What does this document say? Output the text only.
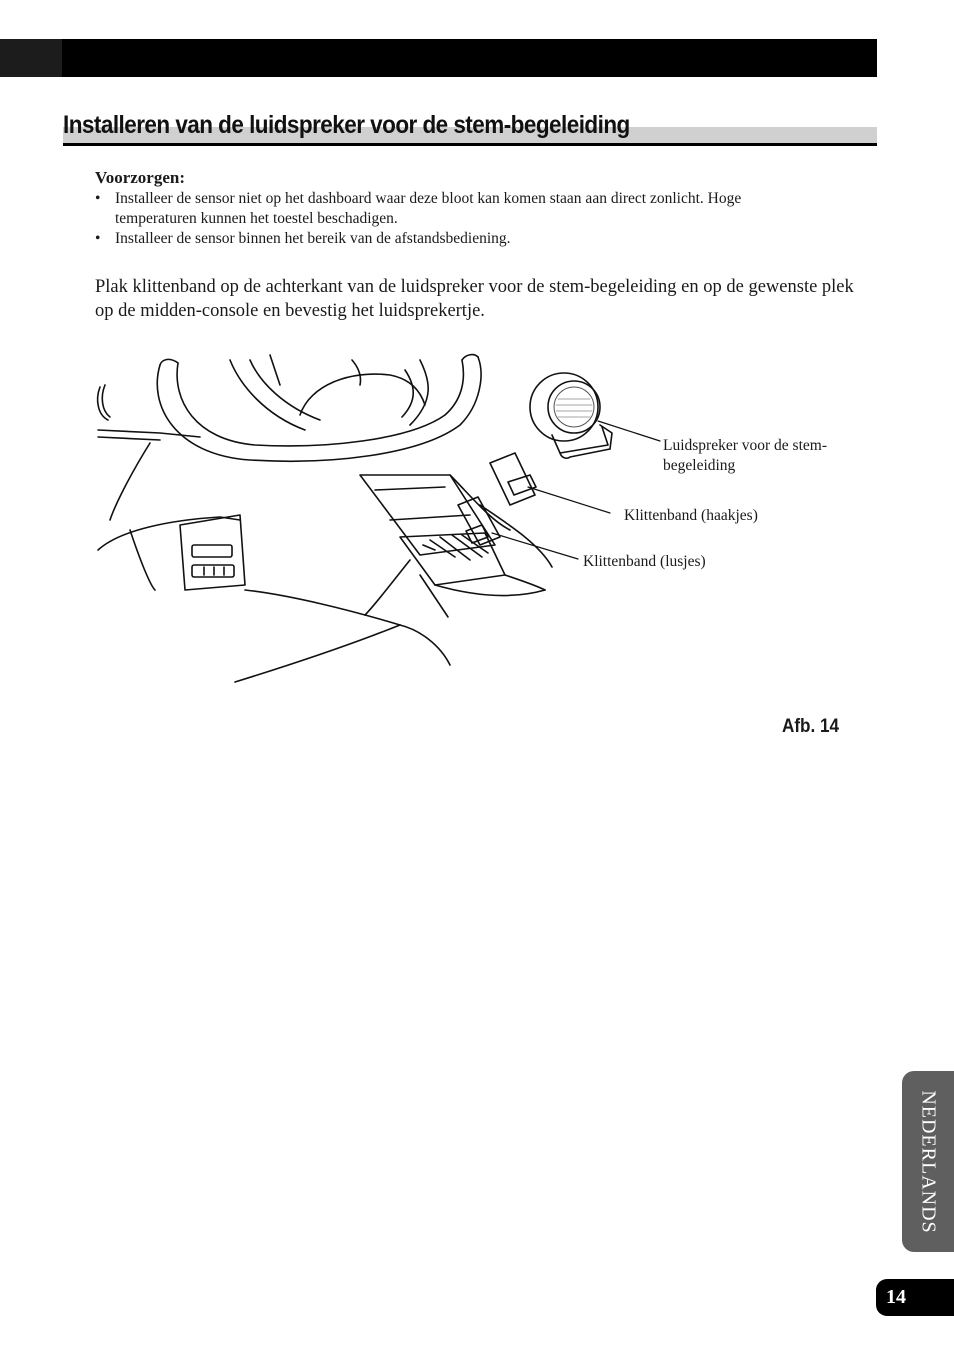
Installeren van de luidspreker voor de stem-begeleiding
Voorzorgen:
• Installeer de sensor niet op het dashboard waar deze bloot kan komen staan aan direct zonlicht. Hoge temperaturen kunnen het toestel beschadigen.
• Installeer de sensor binnen het bereik van de afstandsbediening.

Plak klittenband op de achterkant van de luidspreker voor de stem-begeleiding en op de gewenste plek op de midden-console en bevestig het luidsprekertje.

Luidspreker voor de stem-begeleiding
Klittenband (haakjes)
Klittenband (lusjes)
Afb. 14
NEDERLANDS
14
